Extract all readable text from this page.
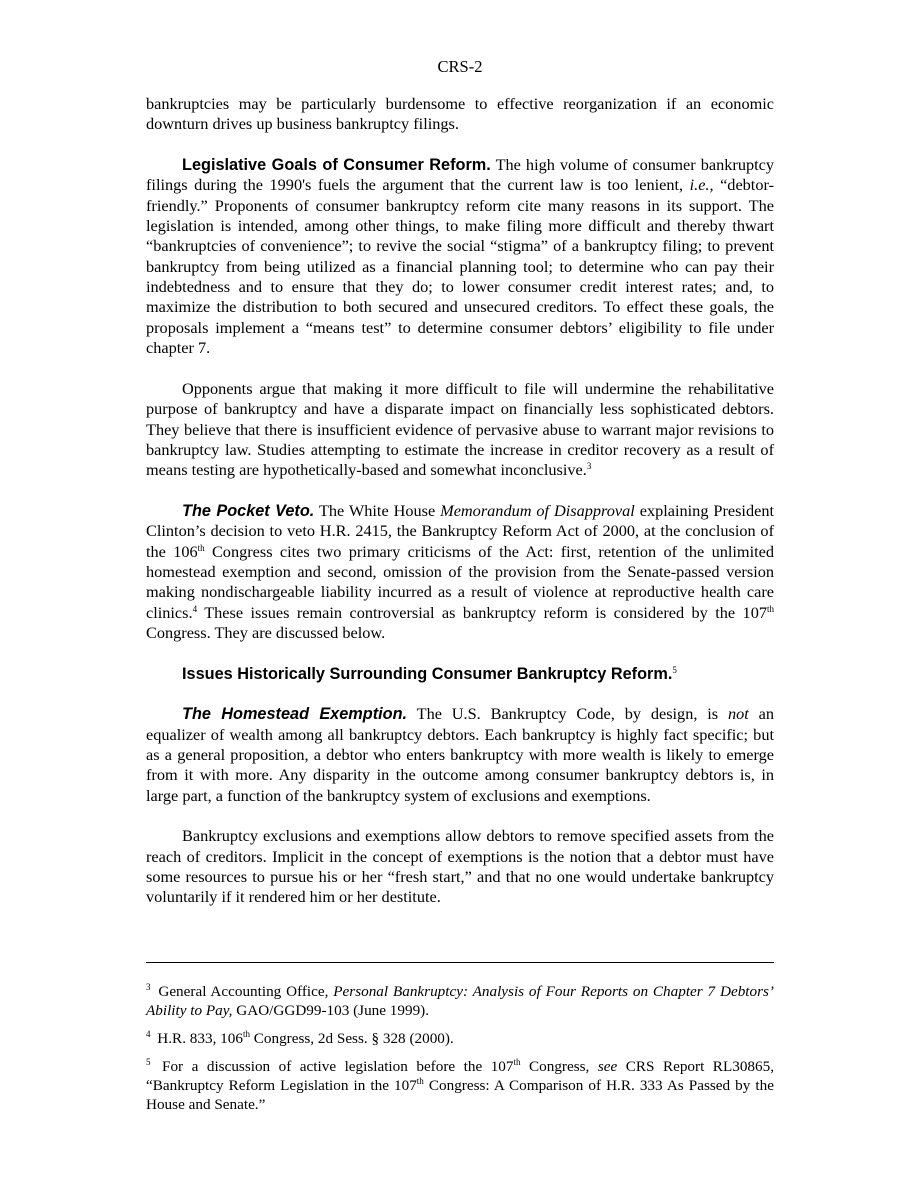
CRS-2

bankruptcies may be particularly burdensome to effective reorganization if an economic downturn drives up business bankruptcy filings.

Legislative Goals of Consumer Reform. The high volume of consumer bankruptcy filings during the 1990's fuels the argument that the current law is too lenient, i.e., “debtor-friendly.” Proponents of consumer bankruptcy reform cite many reasons in its support. The legislation is intended, among other things, to make filing more difficult and thereby thwart “bankruptcies of convenience”; to revive the social “stigma” of a bankruptcy filing; to prevent bankruptcy from being utilized as a financial planning tool; to determine who can pay their indebtedness and to ensure that they do; to lower consumer credit interest rates; and, to maximize the distribution to both secured and unsecured creditors. To effect these goals, the proposals implement a “means test” to determine consumer debtors’ eligibility to file under chapter 7.

Opponents argue that making it more difficult to file will undermine the rehabilitative purpose of bankruptcy and have a disparate impact on financially less sophisticated debtors. They believe that there is insufficient evidence of pervasive abuse to warrant major revisions to bankruptcy law. Studies attempting to estimate the increase in creditor recovery as a result of means testing are hypothetically-based and somewhat inconclusive.$^3$

The Pocket Veto. The White House Memorandum of Disapproval explaining President Clinton’s decision to veto H.R. 2415, the Bankruptcy Reform Act of 2000, at the conclusion of the 106th Congress cites two primary criticisms of the Act: first, retention of the unlimited homestead exemption and second, omission of the provision from the Senate-passed version making nondischargeable liability incurred as a result of violence at reproductive health care clinics.$^4$ These issues remain controversial as bankruptcy reform is considered by the 107th Congress. They are discussed below.

Issues Historically Surrounding Consumer Bankruptcy Reform.$^5$

The Homestead Exemption. The U.S. Bankruptcy Code, by design, is not an equalizer of wealth among all bankruptcy debtors. Each bankruptcy is highly fact specific; but as a general proposition, a debtor who enters bankruptcy with more wealth is likely to emerge from it with more. Any disparity in the outcome among consumer bankruptcy debtors is, in large part, a function of the bankruptcy system of exclusions and exemptions.

Bankruptcy exclusions and exemptions allow debtors to remove specified assets from the reach of creditors. Implicit in the concept of exemptions is the notion that a debtor must have some resources to pursue his or her “fresh start,” and that no one would undertake bankruptcy voluntarily if it rendered him or her destitute.

$^3$ General Accounting Office, Personal Bankruptcy: Analysis of Four Reports on Chapter 7 Debtors’ Ability to Pay, GAO/GGD99-103 (June 1999).

$^4$ H.R. 833, 106th Congress, 2d Sess. § 328 (2000).

$^5$ For a discussion of active legislation before the 107th Congress, see CRS Report RL30865, “Bankruptcy Reform Legislation in the 107th Congress: A Comparison of H.R. 333 As Passed by the House and Senate.”
